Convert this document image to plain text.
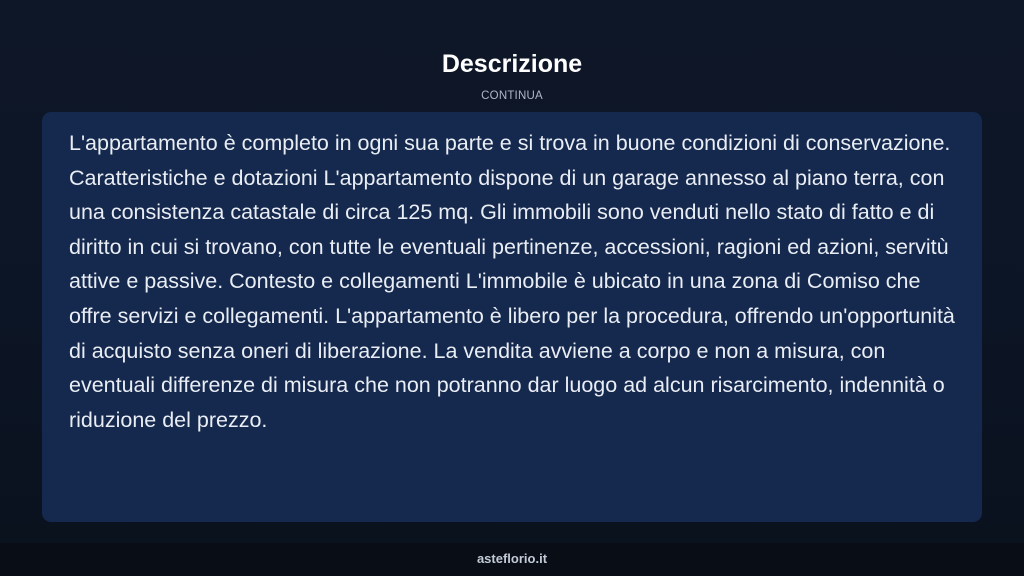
Descrizione
CONTINUA

L'appartamento è completo in ogni sua parte e si trova in buone condizioni di conservazione. Caratteristiche e dotazioni L'appartamento dispone di un garage annesso al piano terra, con una consistenza catastale di circa 125 mq. Gli immobili sono venduti nello stato di fatto e di diritto in cui si trovano, con tutte le eventuali pertinenze, accessioni, ragioni ed azioni, servitù attive e passive. Contesto e collegamenti L'immobile è ubicato in una zona di Comiso che offre servizi e collegamenti. L'appartamento è libero per la procedura, offrendo un'opportunità di acquisto senza oneri di liberazione. La vendita avviene a corpo e non a misura, con eventuali differenze di misura che non potranno dar luogo ad alcun risarcimento, indennità o riduzione del prezzo.

asteflorio.it
